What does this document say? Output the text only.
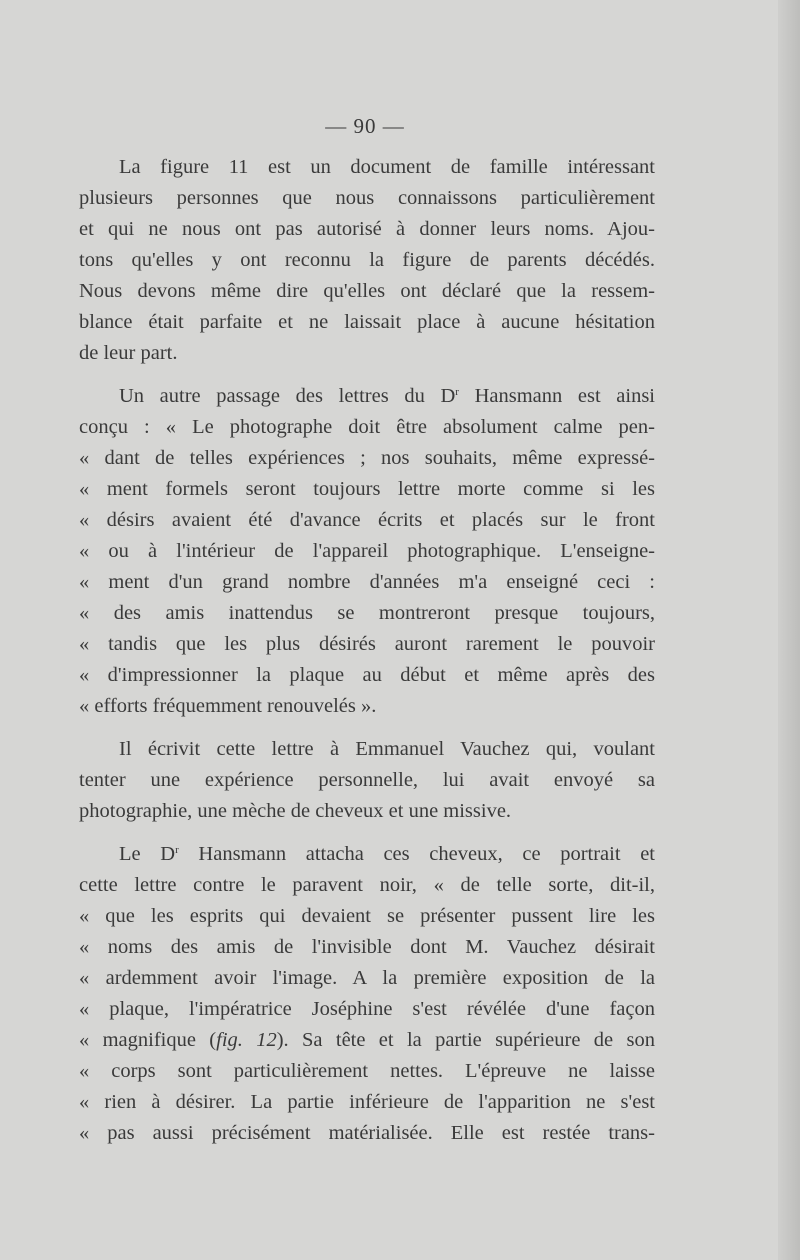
— 90 —
La figure 11 est un document de famille intéressant
plusieurs personnes que nous connaissons particulièrement
et qui ne nous ont pas autorisé à donner leurs noms. Ajou-
tons qu'elles y ont reconnu la figure de parents décédés.
Nous devons même dire qu'elles ont déclaré que la ressem-
blance était parfaite et ne laissait place à aucune hésitation
de leur part.
Un autre passage des lettres du $D^r$ Hansmann est ainsi
conçu : « Le photographe doit être absolument calme pen-
« dant de telles expériences ; nos souhaits, même expressé-
« ment formels seront toujours lettre morte comme si les
« désirs avaient été d'avance écrits et placés sur le front
« ou à l'intérieur de l'appareil photographique. L'enseigne-
« ment d'un grand nombre d'années m'a enseigné ceci :
« des amis inattendus se montreront presque toujours,
« tandis que les plus désirés auront rarement le pouvoir
« d'impressionner la plaque au début et même après des
« efforts fréquemment renouvelés ».
Il écrivit cette lettre à Emmanuel Vauchez qui, voulant
tenter une expérience personnelle, lui avait envoyé sa
photographie, une mèche de cheveux et une missive.
Le $D^r$ Hansmann attacha ces cheveux, ce portrait et
cette lettre contre le paravent noir, « de telle sorte, dit-il,
« que les esprits qui devaient se présenter pussent lire les
« noms des amis de l'invisible dont M. Vauchez désirait
« ardemment avoir l'image. A la première exposition de la
« plaque, l'impératrice Joséphine s'est révélée d'une façon
« magnifique (fig. 12). Sa tête et la partie supérieure de son
« corps sont particulièrement nettes. L'épreuve ne laisse
« rien à désirer. La partie inférieure de l'apparition ne s'est
« pas aussi précisément matérialisée. Elle est restée trans-
